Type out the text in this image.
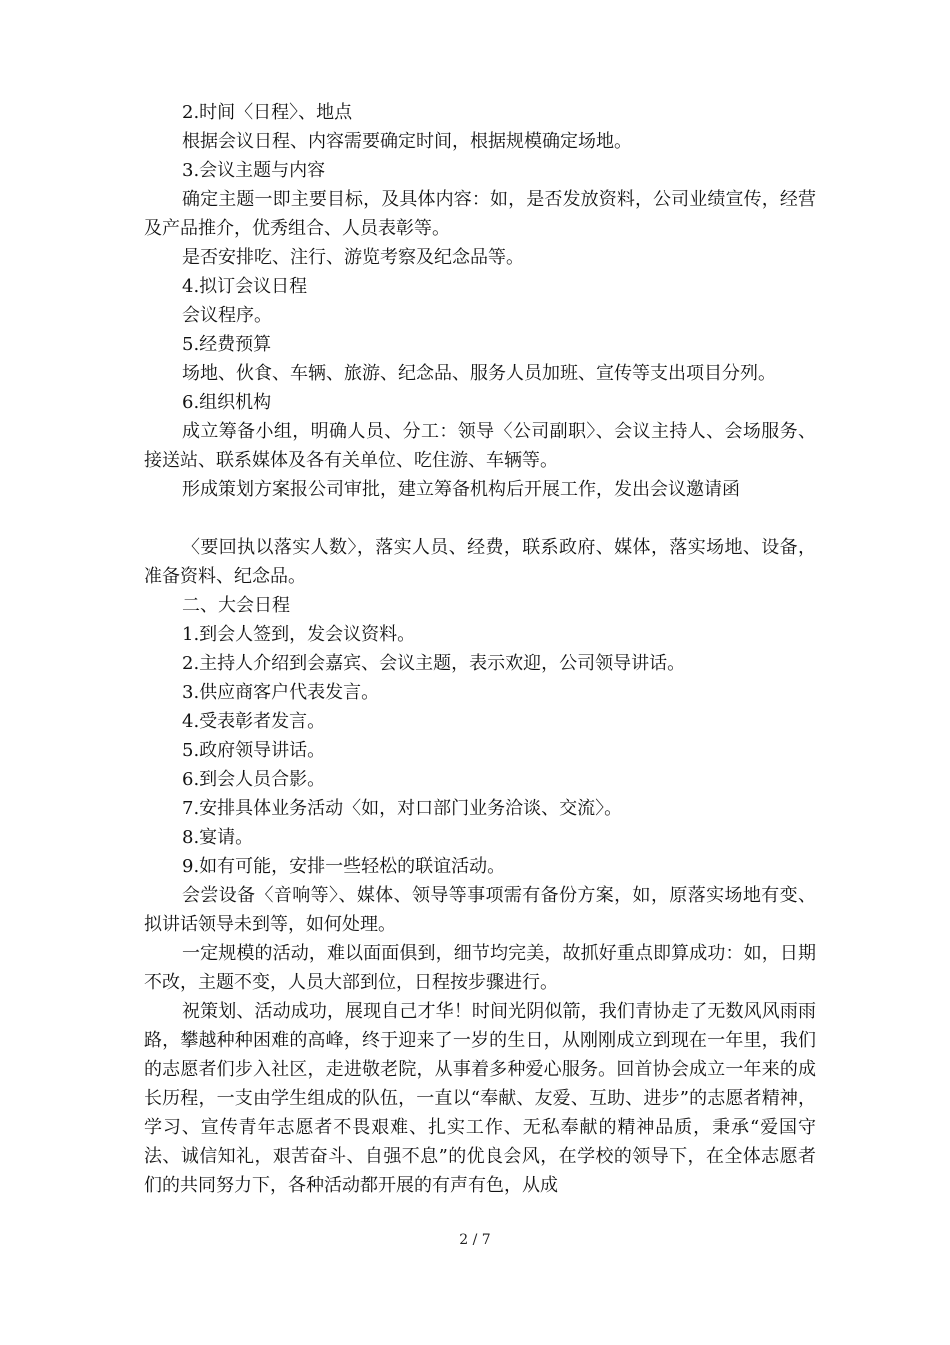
2.时间〈日程〉、地点

根据会议日程、内容需要确定时间，根据规模确定场地。

3.会议主题与内容

确定主题一即主要目标，及具体内容：如，是否发放资料，公司业绩宣传，经营及产品推介，优秀组合、人员表彰等。

是否安排吃、注行、游览考察及纪念品等。

4.拟订会议日程

会议程序。

5.经费预算

场地、伙食、车辆、旅游、纪念品、服务人员加班、宣传等支出项目分列。

6.组织机构

成立筹备小组，明确人员、分工：领导〈公司副职〉、会议主持人、会场服务、接送站、联系媒体及各有关单位、吃住游、车辆等。

形成策划方案报公司审批，建立筹备机构后开展工作，发出会议邀请函

〈要回执以落实人数〉，落实人员、经费，联系政府、媒体，落实场地、设备，准备资料、纪念品。

二、大会日程

1.到会人签到，发会议资料。

2.主持人介绍到会嘉宾、会议主题，表示欢迎，公司领导讲话。

3.供应商客户代表发言。

4.受表彰者发言。

5.政府领导讲话。

6.到会人员合影。

7.安排具体业务活动〈如，对口部门业务洽谈、交流〉。

8.宴请。

9.如有可能，安排一些轻松的联谊活动。

会尝设备〈音响等〉、媒体、领导等事项需有备份方案，如，原落实场地有变、拟讲话领导未到等，如何处理。

一定规模的活动，难以面面俱到，细节均完美，故抓好重点即算成功：如，日期不改，主题不变，人员大部到位，日程按步骤进行。

祝策划、活动成功，展现自己才华！时间光阴似箭，我们青协走了无数风风雨雨路，攀越种种困难的高峰，终于迎来了一岁的生日，从刚刚成立到现在一年里，我们的志愿者们步入社区，走进敬老院，从事着多种爱心服务。回首协会成立一年来的成长历程，一支由学生组成的队伍，一直以“奉献、友爱、互助、进步”的志愿者精神，学习、宣传青年志愿者不畏艰难、扎实工作、无私奉献的精神品质，秉承“爱国守法、诚信知礼，艰苦奋斗、自强不息”的优良会风，在学校的领导下，在全体志愿者们的共同努力下，各种活动都开展的有声有色，从成

2 / 7
